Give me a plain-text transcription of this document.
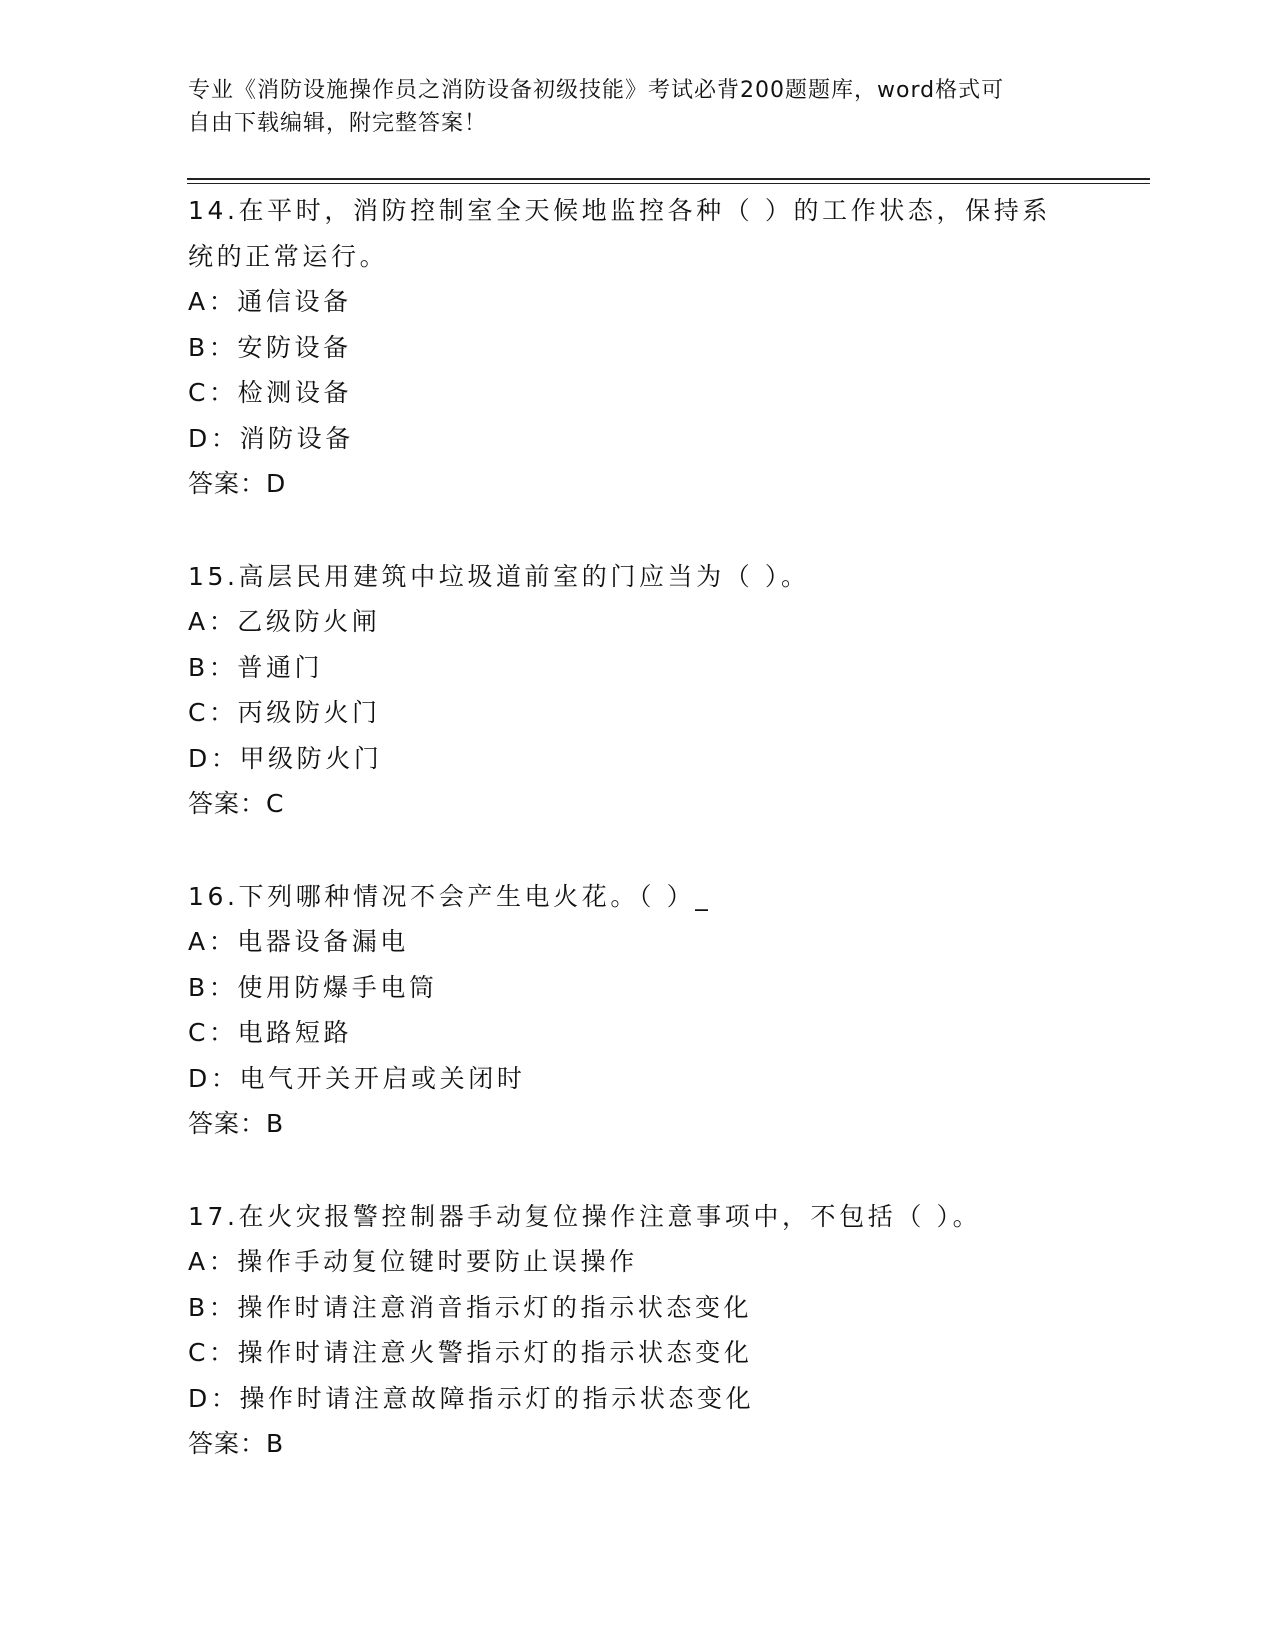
专业《消防设施操作员之消防设备初级技能》考试必背200题题库，word格式可
自由下载编辑，附完整答案！
14.在平时，消防控制室全天候地监控各种（ ）的工作状态，保持系
统的正常运行。
A：通信设备
B：安防设备
C：检测设备
D：消防设备
答案：D
15.高层民用建筑中垃圾道前室的门应当为（ ）。
A：乙级防火闸
B：普通门
C：丙级防火门
D：甲级防火门
答案：C
16.下列哪种情况不会产生电火花。（ ）_
A：电器设备漏电
B：使用防爆手电筒
C：电路短路
D：电气开关开启或关闭时
答案：B
17.在火灾报警控制器手动复位操作注意事项中，不包括（ ）。
A：操作手动复位键时要防止误操作
B：操作时请注意消音指示灯的指示状态变化
C：操作时请注意火警指示灯的指示状态变化
D：操作时请注意故障指示灯的指示状态变化
答案：B
